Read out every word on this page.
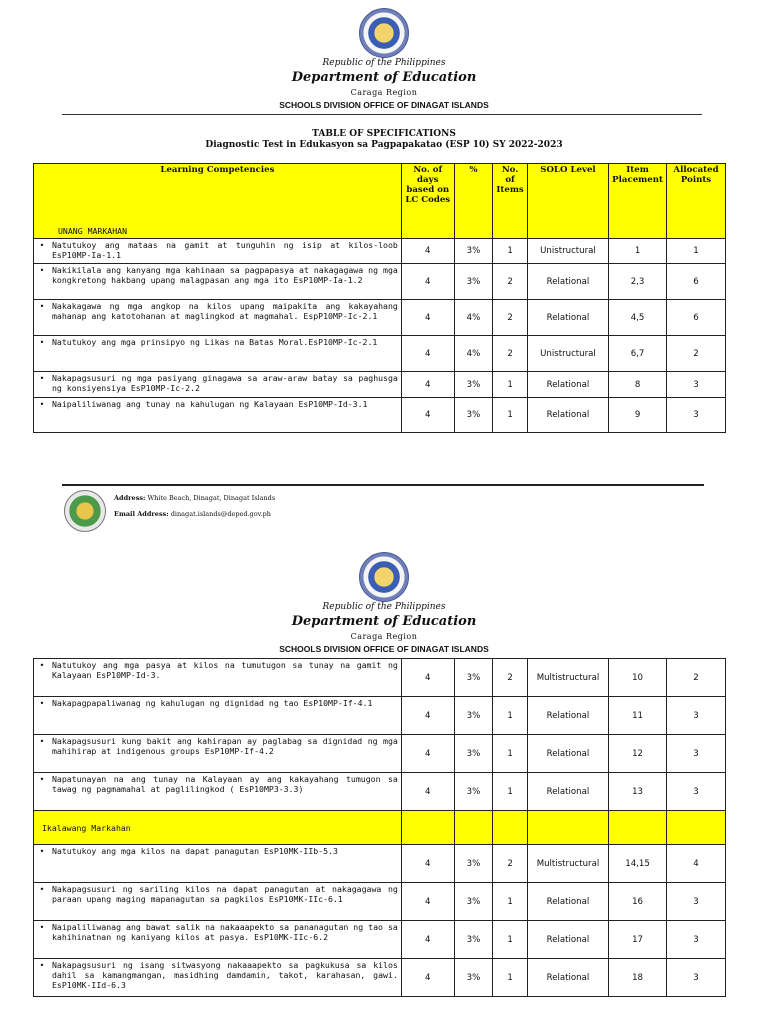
Republic of the Philippines
Department of Education
Caraga Region
SCHOOLS DIVISION OFFICE OF DINAGAT ISLANDS
TABLE OF SPECIFICATIONS
Diagnostic Test in Edukasyon sa Pagpapakatao (ESP 10) SY 2022-2023
Learning Competencies
UNANG MARKAHAN	No. of days based on LC Codes	%	No. of Items	SOLO Level	Item Placement	Allocated Points

• Natutukoy ang mataas na gamit at tunguhin ng isip at kilos-loob EsP10MP-Ia-1.1	4	3%	1	Unistructural	1	1

• Nakikilala ang kanyang mga kahinaan sa pagpapasya at nakagagawa ng mga kongkretong hakbang upang malagpasan ang mga ito EsP10MP-Ia-1.2	4	3%	2	Relational	2,3	6

• Nakakagawa ng mga angkop na kilos upang maipakita ang kakayahang mahanap ang katotohanan at maglingkod at magmahal. EspP10MP-Ic-2.1	4	4%	2	Relational	4,5	6

• Natutukoy ang mga prinsipyo ng Likas na Batas Moral.EsP10MP-Ic-2.1	4	4%	2	Unistructural	6,7	2

• Nakapagsusuri ng mga pasiyang ginagawa sa araw-araw batay sa paghusga ng konsiyensiya EsP10MP-Ic-2.2	4	3%	1	Relational	8	3

• Naipaliliwanag ang tunay na kahulugan ng Kalayaan EsP10MP-Id-3.1	4	3%	1	Relational	9	3
Address: White Beach, Dinagat, Dinagat Islands
Email Address: dinagat.islands@deped.gov.ph
Republic of the Philippines
Department of Education
Caraga Region
SCHOOLS DIVISION OFFICE OF DINAGAT ISLANDS
• Natutukoy ang mga pasya at kilos na tumutugon sa tunay na gamit ng Kalayaan EsP10MP-Id-3.	4	3%	2	Multistructural	10	2

• Nakapagpapaliwanag ng kahulugan ng dignidad ng tao EsP10MP-If-4.1	4	3%	1	Relational	11	3

• Nakapagsusuri kung bakit ang kahirapan ay paglabag sa dignidad ng mga mahihirap at indigenous groups EsP10MP-If-4.2	4	3%	1	Relational	12	3

• Napatunayan na ang tunay na Kalayaan ay ang kakayahang tumugon sa tawag ng pagmamahal at paglilingkod ( EsP10MP3-3.3)	4	3%	1	Relational	13	3
Ikalawang Markahan						

• Natutukoy ang mga kilos na dapat panagutan EsP10MK-IIb-5.3	4	3%	2	Multistructural	14,15	4

• Nakapagsusuri ng sariling kilos na dapat panagutan at nakagagawa ng paraan upang maging mapanagutan sa pagkilos EsP10MK-IIc-6.1	4	3%	1	Relational	16	3

• Naipaliliwanag ang bawat salik na nakaaapekto sa pananagutan ng tao sa kahihinatnan ng kaniyang kilos at pasya. EsP10MK-IIc-6.2	4	3%	1	Relational	17	3

• Nakapagsusuri ng isang sitwasyong nakaaapekto sa pagkukusa sa kilos dahil sa kamangmangan, masidhing damdamin, takot, karahasan, gawi. EsP10MK-IId-6.3	4	3%	1	Relational	18	3
